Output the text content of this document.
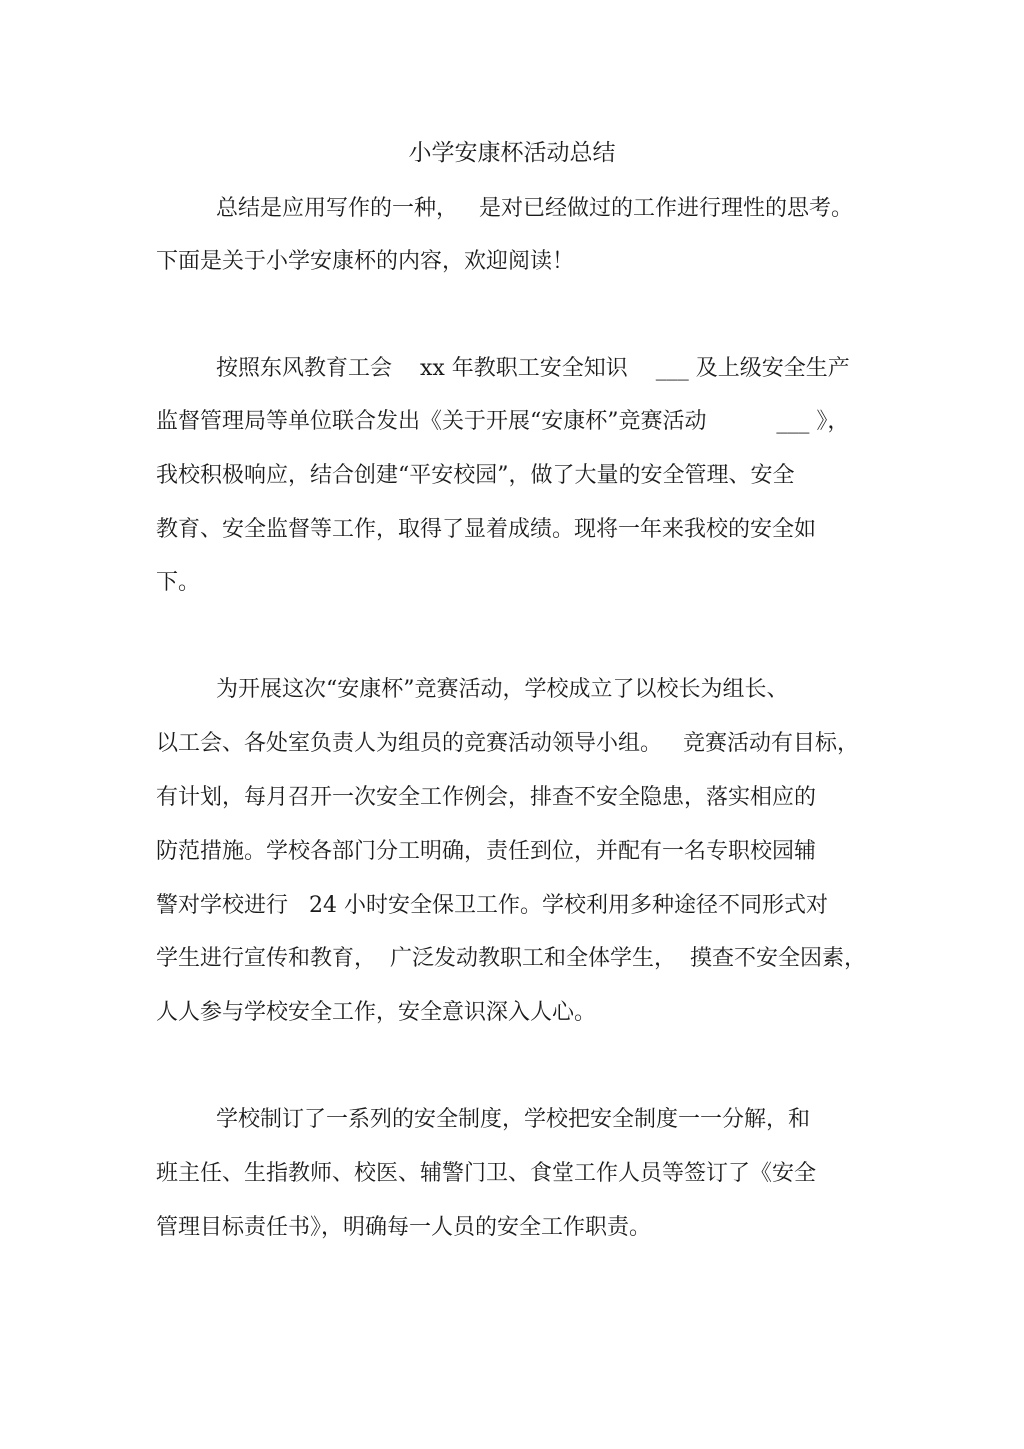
小学安康杯活动总结
总结是应用写作的一种，   是对已经做过的工作进行理性的思考。
下面是关于小学安康杯的内容，欢迎阅读！
按照东风教育工会    xx 年教职工安全知识    ___ 及上级安全生产
监督管理局等单位联合发出《关于开展“安康杯”竞赛活动          ___ 》，
我校积极响应，结合创建“平安校园”，做了大量的安全管理、安全
教育、安全监督等工作，取得了显着成绩。现将一年来我校的安全如
下。
为开展这次“安康杯”竞赛活动，学校成立了以校长为组长、
以工会、各处室负责人为组员的竞赛活动领导小组。   竞赛活动有目标，
有计划，每月召开一次安全工作例会，排查不安全隐患，落实相应的
防范措施。学校各部门分工明确，责任到位，并配有一名专职校园辅
警对学校进行   24 小时安全保卫工作。学校利用多种途径不同形式对
学生进行宣传和教育，  广泛发动教职工和全体学生，  摸查不安全因素，
人人参与学校安全工作，安全意识深入人心。
学校制订了一系列的安全制度，学校把安全制度一一分解，和
班主任、生指教师、校医、辅警门卫、食堂工作人员等签订了《安全
管理目标责任书》，明确每一人员的安全工作职责。
